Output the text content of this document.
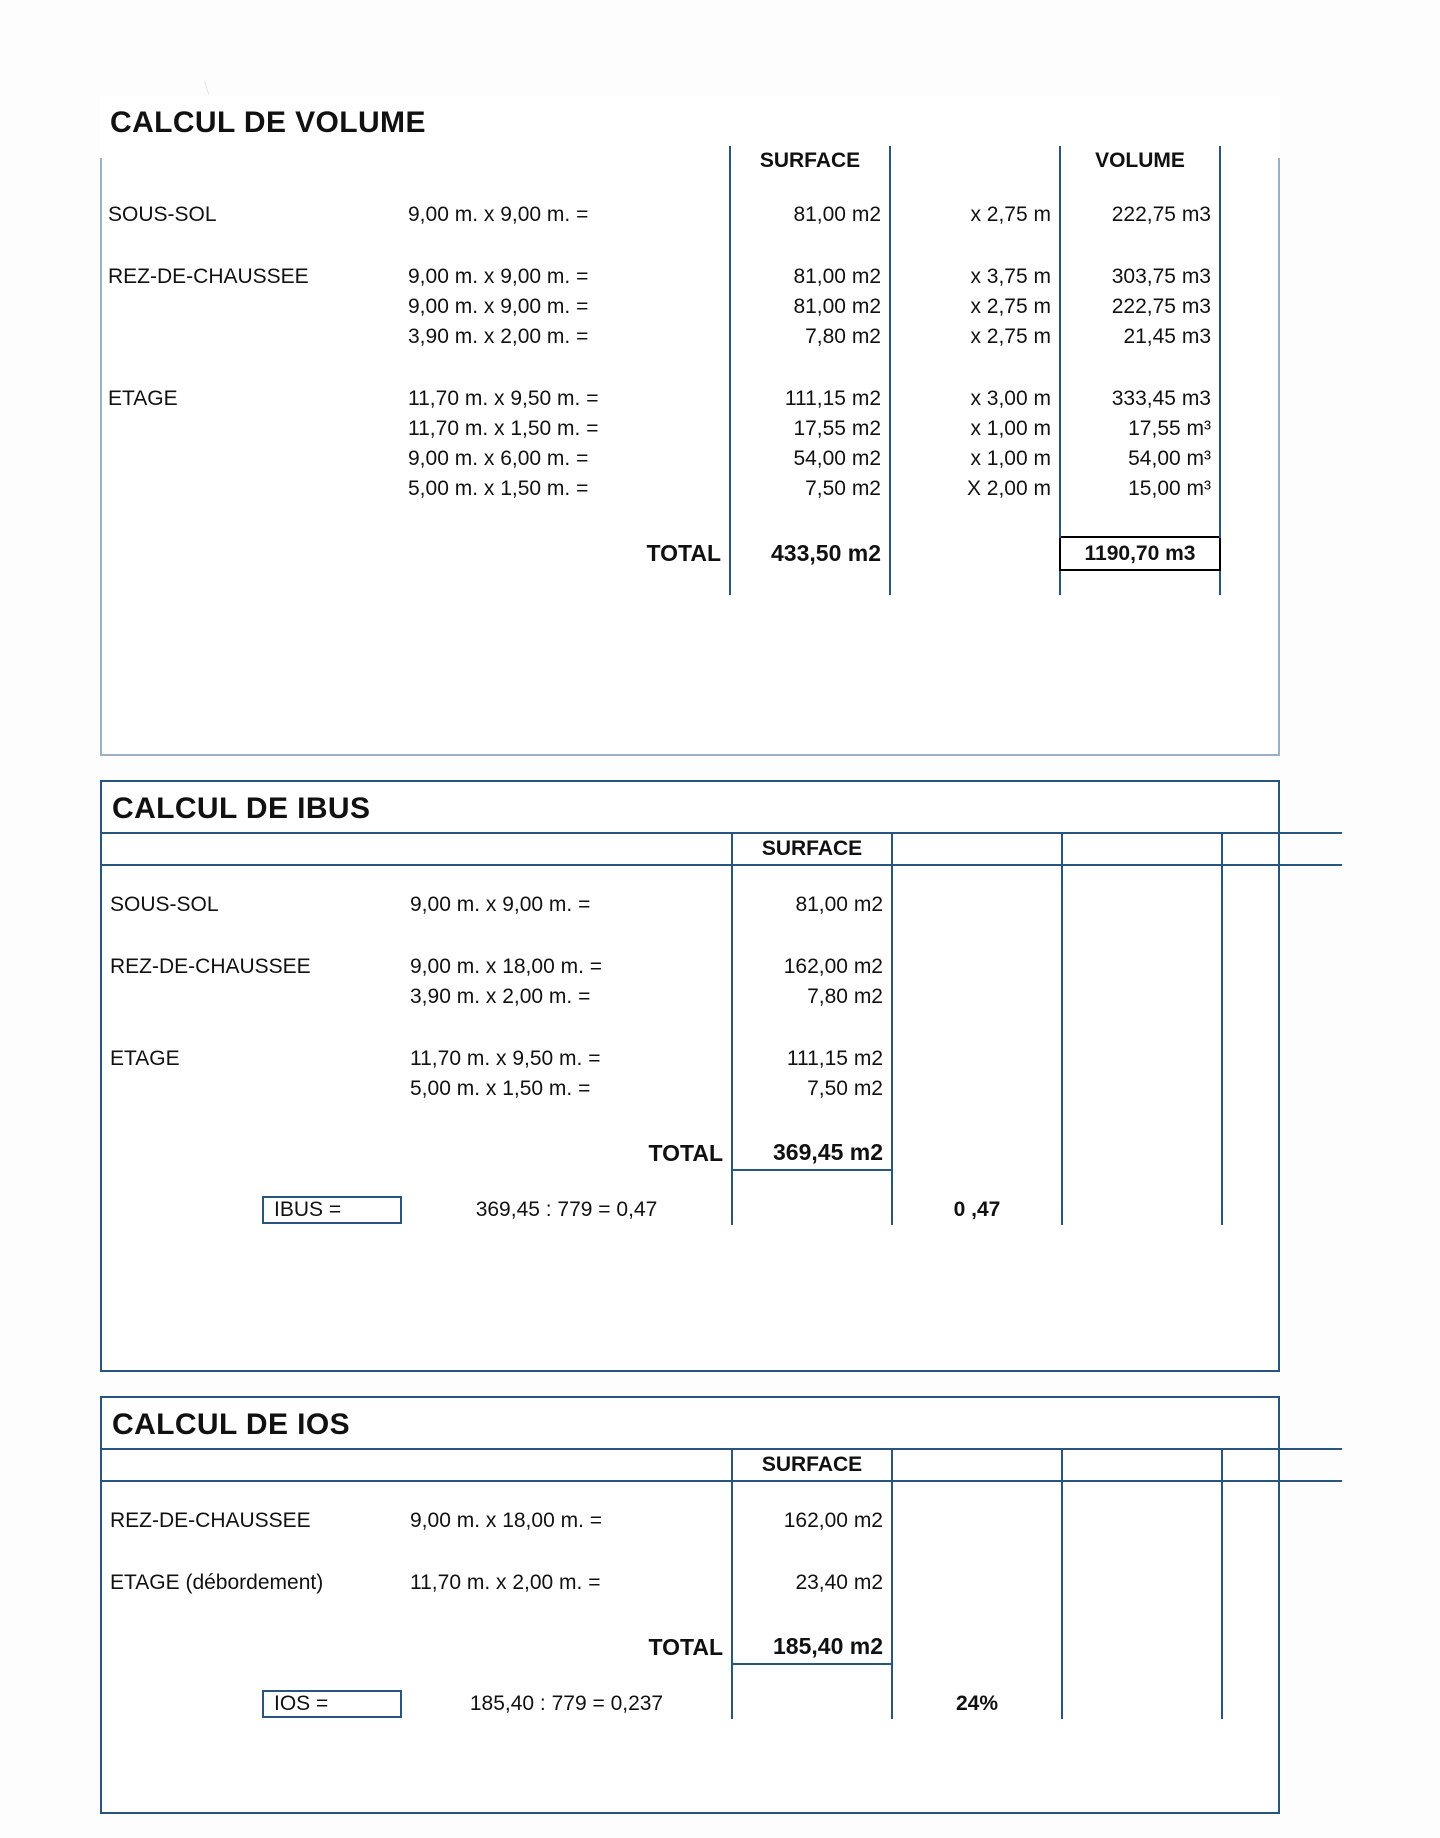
CALCUL DE VOLUME
		SURFACE		VOLUME	

SOUS-SOL	9,00 m. x 9,00 m. =	81,00 m2	x 2,75 m	222,75 m3	

REZ-DE-CHAUSSEE	9,00 m. x 9,00 m. =	81,00 m2	x 3,75 m	303,75 m3	
	9,00 m. x 9,00 m. =	81,00 m2	x 2,75 m	222,75 m3	
	3,90 m. x 2,00 m. =	7,80 m2	x 2,75 m	21,45 m3	

ETAGE	11,70 m. x 9,50 m. =	111,15 m2	x 3,00 m	333,45 m3	
	11,70 m. x 1,50 m. =	17,55 m2	x 1,00 m	17,55 m³	
	9,00 m. x 6,00 m. =	54,00 m2	x 1,00 m	54,00 m³	
	5,00 m. x 1,50 m. =	7,50 m2	X 2,00 m	15,00 m³	

	TOTAL	433,50 m2		1190,70 m3	

CALCUL DE IBUS
		SURFACE			

SOUS-SOL	9,00 m. x 9,00 m. =	81,00 m2			

REZ-DE-CHAUSSEE	9,00 m. x 18,00 m. =	162,00 m2			
	3,90 m. x 2,00 m. =	7,80 m2			

ETAGE	11,70 m. x 9,50 m. =	111,15 m2			
	5,00 m. x 1,50 m. =	7,50 m2			

	TOTAL	369,45 m2			

IBUS =	369,45 : 779 = 0,47		0 ,47		
CALCUL DE IOS
		SURFACE			

REZ-DE-CHAUSSEE	9,00 m. x 18,00 m. =	162,00 m2			

ETAGE (débordement)	11,70 m. x 2,00 m. =	23,40 m2			

	TOTAL	185,40 m2			

IOS =	185,40 : 779 = 0,237		24%		
